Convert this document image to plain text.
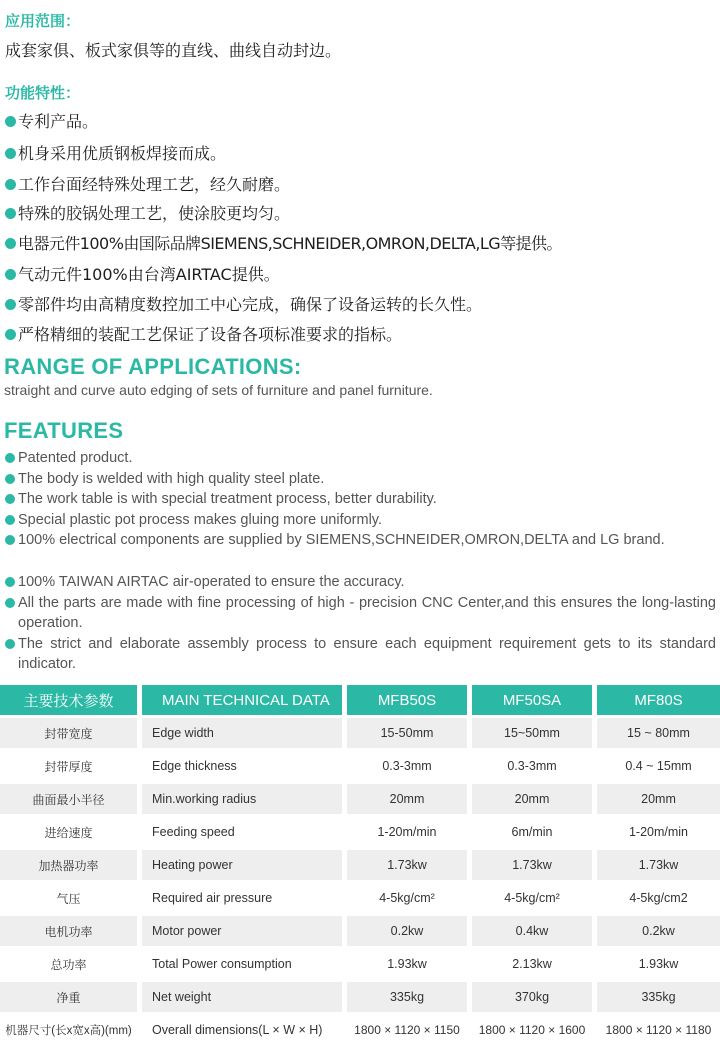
应用范围：
成套家俱、板式家俱等的直线、曲线自动封边。
功能特性：
专利产品。
机身采用优质钢板焊接而成。
工作台面经特殊处理工艺，经久耐磨。
特殊的胶锅处理工艺，使涂胶更均匀。
电器元件100%由国际品牌SIEMENS,SCHNEIDER,OMRON,DELTA,LG等提供。
气动元件100%由台湾AIRTAC提供。
零部件均由高精度数控加工中心完成，确保了设备运转的长久性。
严格精细的装配工艺保证了设备各项标准要求的指标。
RANGE OF APPLICATIONS:
straight and curve auto edging of sets of furniture and panel furniture.
FEATURES
Patented product.
The body is welded with high quality steel plate.
The work table is with special treatment process, better durability.
Special plastic pot process makes gluing more uniformly.
100% electrical components are supplied by SIEMENS,SCHNEIDER,OMRON,DELTA and LG brand.
100% TAIWAN AIRTAC air-operated to ensure the accuracy.
All the parts are made with fine processing of high - precision CNC Center,and this ensures the long-lasting operation.
The strict and elaborate assembly process to ensure each equipment requirement gets to its standard indicator.
主要技术参数	MAIN TECHNICAL DATA	MFB50S	MF50SA	MF80S
封带宽度	Edge width	15-50mm	15~50mm	15 ~ 80mm
封带厚度	Edge thickness	0.3-3mm	0.3-3mm	0.4 ~ 15mm
曲面最小半径	Min.working radius	20mm	20mm	20mm
进给速度	Feeding speed	1-20m/min	6m/min	1-20m/min
加热器功率	Heating power	1.73kw	1.73kw	1.73kw
气压	Required air pressure	4-5kg/cm²	4-5kg/cm²	4-5kg/cm2
电机功率	Motor power	0.2kw	0.4kw	0.2kw
总功率	Total Power consumption	1.93kw	2.13kw	1.93kw
净重	Net weight	335kg	370kg	335kg
机器尺寸(长x宽x高)(mm)	Overall dimensions(L × W × H)	1800 × 1120 × 1150	1800 × 1120 × 1600	1800 × 1120 × 1180
